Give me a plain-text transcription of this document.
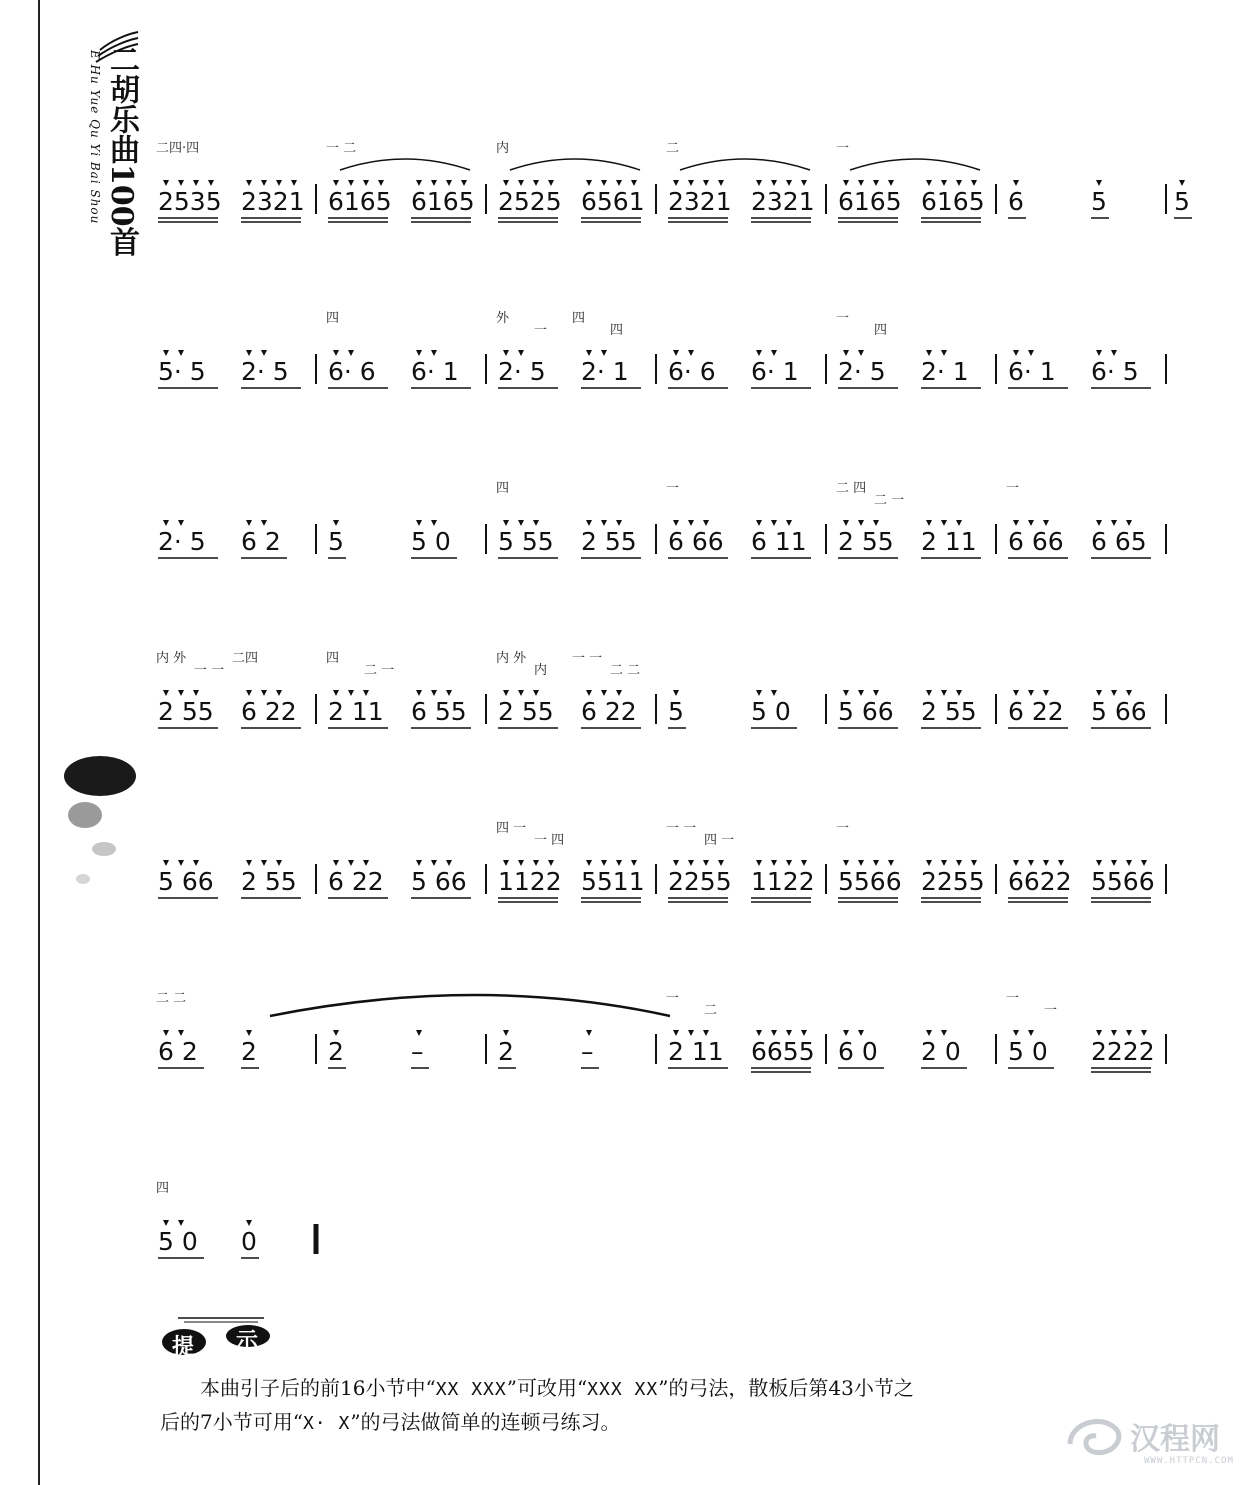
二胡乐曲100首
E Hu Yue Qu Yi Bai Shou	二四·四	一 二	内	二	一
2535 2321 6165 6165 2525 6561 2321 2321 6165 6165 6	5	5
四	外
一
四
四
一
四
5· 5 2· 5 6· 6 6· 1 2· 5 2· 1 6· 6 6· 1 2· 5 2· 1 6· 1 6· 5
四	一	二 四
二 一
一
2· 5 6 2 5	5 0 5 55 2 55 6 66 6 11 2 55 2 11 6 66 6 65
内 外
一 一
二四	四
二 一
内 外
内
一 一
二 二
2 55 6 22 2 11 6 55 2 55 6 22 5	5 0 5 66 2 55 6 22 5 66
四 一
一 四
一 一
四 一
一
5 66 2 55 6 22 5 66 1122 5511 2255 1122 5566 2255 6622 5566
二 二	一
二
一
一
6 2 2	2	–	2	–	2 11 6655 6 0 2 0 5 0 2222
四
5 0 0
提 示

本曲引子后的前16小节中“XX XXX”可改用“XXX XX”的弓法，散板后第43小节之

后的7小节可用“X· X”的弓法做简单的连顿弓练习。	汉程网
WWW.HTTPCN.COM
